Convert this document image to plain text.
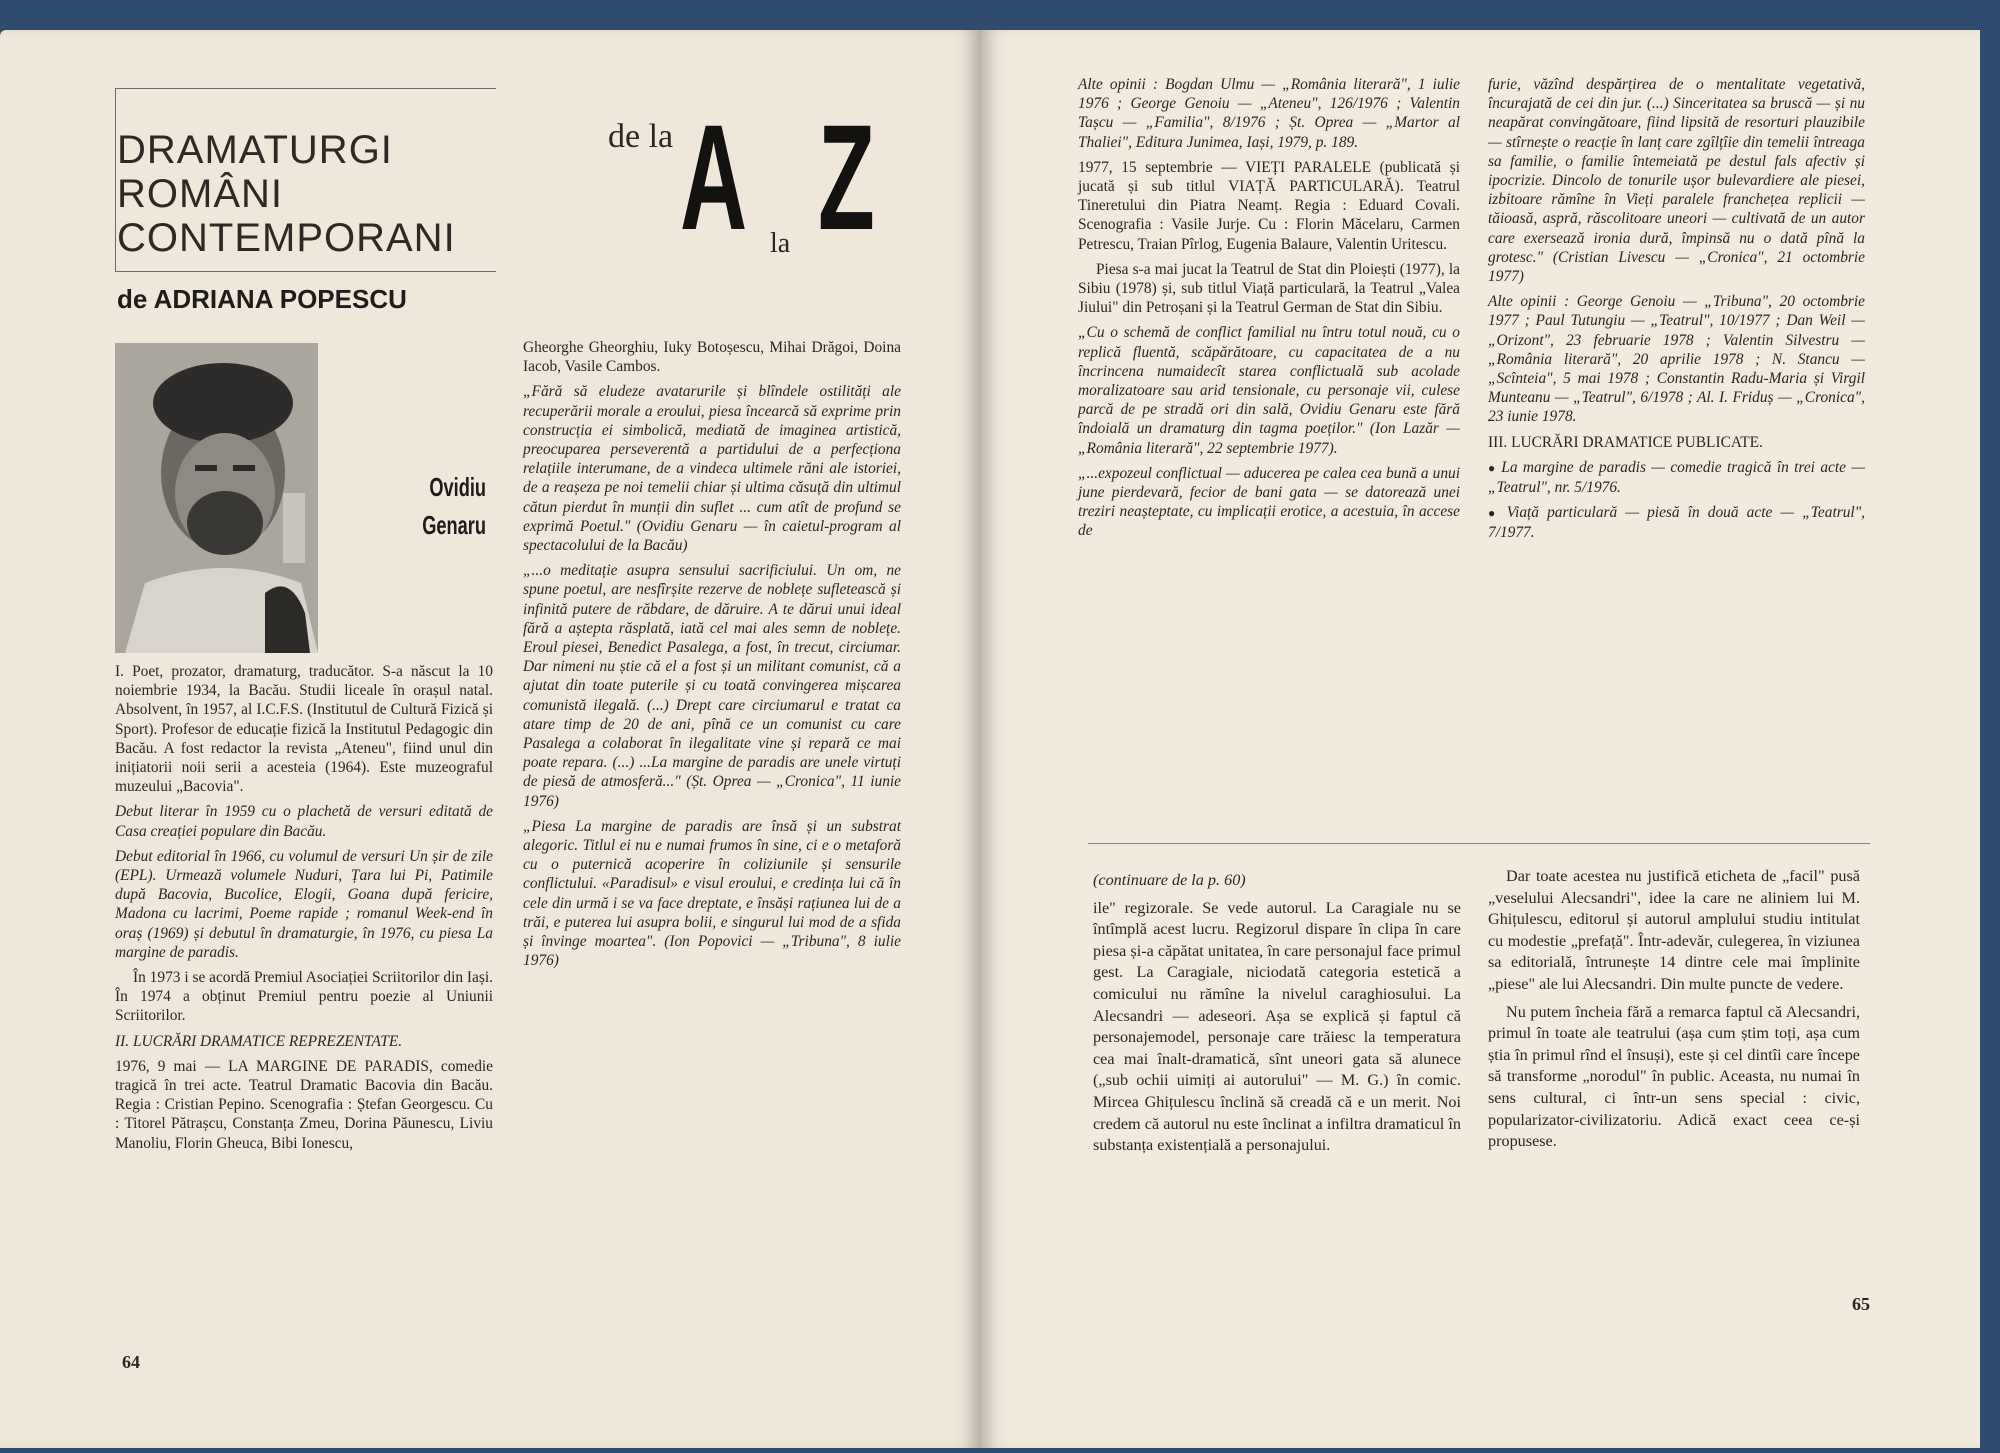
DRAMATURGI
ROMÂNI
CONTEMPORANI
de ADRIANA POPESCU
de la A la Z
Ovidiu
Genaru

I. Poet, prozator, dramaturg, traducător. S-a născut la 10 noiembrie 1934, la Bacău. Studii liceale în orașul natal. Absolvent, în 1957, al I.C.F.S. (Institutul de Cultură Fizică și Sport). Profesor de educație fizică la Institutul Pedagogic din Bacău. A fost redactor la revista „Ateneu", fiind unul din inițiatorii noii serii a acesteia (1964). Este muzeograful muzeului „Bacovia".

Debut literar în 1959 cu o plachetă de versuri editată de Casa creației populare din Bacău.

Debut editorial în 1966, cu volumul de versuri Un șir de zile (EPL). Urmează volumele Nuduri, Țara lui Pi, Patimile după Bacovia, Bucolice, Elogii, Goana după fericire, Madona cu lacrimi, Poeme rapide ; romanul Week-end în oraș (1969) și debutul în dramaturgie, în 1976, cu piesa La margine de paradis.

În 1973 i se acordă Premiul Asociației Scriitorilor din Iași. În 1974 a obținut Premiul pentru poezie al Uniunii Scriitorilor.

II. LUCRĂRI DRAMATICE REPREZENTATE.

1976, 9 mai — LA MARGINE DE PARADIS, comedie tragică în trei acte. Teatrul Dramatic Bacovia din Bacău. Regia : Cristian Pepino. Scenografia : Ștefan Georgescu. Cu : Titorel Pătrașcu, Constanța Zmeu, Dorina Păunescu, Liviu Manoliu, Florin Gheuca, Bibi Ionescu,

Gheorghe Gheorghiu, Iuky Botoșescu, Mihai Drăgoi, Doina Iacob, Vasile Cambos.

„Fără să eludeze avatarurile și blîndele ostilități ale recuperării morale a eroului, piesa încearcă să exprime prin construcția ei simbolică, mediată de imaginea artistică, preocuparea perseverentă a partidului de a perfecționa relațiile interumane, de a vindeca ultimele răni ale istoriei, de a reașeza pe noi temelii chiar și ultima căsuță din ultimul cătun pierdut în munții din suflet ... cum atît de profund se exprimă Poetul." (Ovidiu Genaru — în caietul-program al spectacolului de la Bacău)

„...o meditație asupra sensului sacrificiului. Un om, ne spune poetul, are nesfîrșite rezerve de noblețe sufletească și infinită putere de răbdare, de dăruire. A te dărui unui ideal fără a aștepta răsplată, iată cel mai ales semn de noblețe. Eroul piesei, Benedict Pasalega, a fost, în trecut, circiumar. Dar nimeni nu știe că el a fost și un militant comunist, că a ajutat din toate puterile și cu toată convingerea mișcarea comunistă ilegală. (...) Drept care circiumarul e tratat ca atare timp de 20 de ani, pînă ce un comunist cu care Pasalega a colaborat în ilegalitate vine și repară ce mai poate repara. (...) ...La margine de paradis are unele virtuți de piesă de atmosferă..." (Șt. Oprea — „Cronica", 11 iunie 1976)

„Piesa La margine de paradis are însă și un substrat alegoric. Titlul ei nu e numai frumos în sine, ci e o metaforă cu o puternică acoperire în coliziunile și sensurile conflictului. «Paradisul» e visul eroului, e credința lui că în cele din urmă i se va face dreptate, e însăși rațiunea lui de a trăi, e puterea lui asupra bolii, e singurul lui mod de a sfida și învinge moartea". (Ion Popovici — „Tribuna", 8 iulie 1976)

64

Alte opinii : Bogdan Ulmu — „România literară", 1 iulie 1976 ; George Genoiu — „Ateneu", 126/1976 ; Valentin Tașcu — „Familia", 8/1976 ; Șt. Oprea — „Martor al Thaliei", Editura Junimea, Iași, 1979, p. 189.

1977, 15 septembrie — VIEȚI PARALELE (publicată și jucată și sub titlul VIAȚĂ PARTICULARĂ). Teatrul Tineretului din Piatra Neamț. Regia : Eduard Covali. Scenografia : Vasile Jurje. Cu : Florin Măcelaru, Carmen Petrescu, Traian Pîrlog, Eugenia Balaure, Valentin Uritescu.

Piesa s-a mai jucat la Teatrul de Stat din Ploiești (1977), la Sibiu (1978) și, sub titlul Viață particulară, la Teatrul „Valea Jiului" din Petroșani și la Teatrul German de Stat din Sibiu.

„Cu o schemă de conflict familial nu întru totul nouă, cu o replică fluentă, scăpărătoare, cu capacitatea de a nu încrincena numaidecît starea conflictuală sub acolade moralizatoare sau arid tensionale, cu personaje vii, culese parcă de pe stradă ori din sală, Ovidiu Genaru este fără îndoială un dramaturg din tagma poeților." (Ion Lazăr — „România literară", 22 septembrie 1977).

„...expozeul conflictual — aducerea pe calea cea bună a unui june pierdevară, fecior de bani gata — se datorează unei treziri neașteptate, cu implicații erotice, a acestuia, în accese de

furie, văzînd despărțirea de o mentalitate vegetativă, încurajată de cei din jur. (...) Sinceritatea sa bruscă — și nu neapărat convingătoare, fiind lipsită de resorturi plauzibile — stîrnește o reacție în lanț care zgîlțîie din temelii întreaga sa familie, o familie întemeiată pe destul fals afectiv și ipocrizie. Dincolo de tonurile ușor bulevardiere ale piesei, izbitoare rămîne în Vieți paralele franchețea replicii — tăioasă, aspră, răscolitoare uneori — cultivată de un autor care exersează ironia dură, împinsă nu o dată pînă la grotesc." (Cristian Livescu — „Cronica", 21 octombrie 1977)

Alte opinii : George Genoiu — „Tribuna", 20 octombrie 1977 ; Paul Tutungiu — „Teatrul", 10/1977 ; Dan Weil — „Orizont", 23 februarie 1978 ; Valentin Silvestru — „România literară", 20 aprilie 1978 ; N. Stancu — „Scînteia", 5 mai 1978 ; Constantin Radu-Maria și Virgil Munteanu — „Teatrul", 6/1978 ; Al. I. Friduș — „Cronica", 23 iunie 1978.

III. LUCRĂRI DRAMATICE PUBLICATE.

● La margine de paradis — comedie tragică în trei acte — „Teatrul", nr. 5/1976.

● Viață particulară — piesă în două acte — „Teatrul", 7/1977.

(continuare de la p. 60)

ile" regizorale. Se vede autorul. La Caragiale nu se întîmplă acest lucru. Regizorul dispare în clipa în care piesa și-a căpătat unitatea, în care personajul face primul gest. La Caragiale, niciodată categoria estetică a comicului nu rămîne la nivelul caraghiosului. La Alecsandri — adeseori. Așa se explică și faptul că personajemodel, personaje care trăiesc la temperatura cea mai înalt-dramatică, sînt uneori gata să alunece („sub ochii uimiți ai autorului" — M. G.) în comic. Mircea Ghițulescu înclină să creadă că e un merit. Noi credem că autorul nu este înclinat a infiltra dramaticul în substanța existențială a personajului.

Dar toate acestea nu justifică eticheta de „facil" pusă „veselului Alecsandri", idee la care ne aliniem lui M. Ghițulescu, editorul și autorul amplului studiu intitulat cu modestie „prefață". Într-adevăr, culegerea, în viziunea sa editorială, întrunește 14 dintre cele mai împlinite „piese" ale lui Alecsandri. Din multe puncte de vedere.

Nu putem încheia fără a remarca faptul că Alecsandri, primul în toate ale teatrului (așa cum știm toți, așa cum știa în primul rînd el însuși), este și cel dintîi care începe să transforme „norodul" în public. Aceasta, nu numai în sens cultural, ci într-un sens special : civic, popularizator-civilizatoriu. Adică exact ceea ce-și propusese.

65
